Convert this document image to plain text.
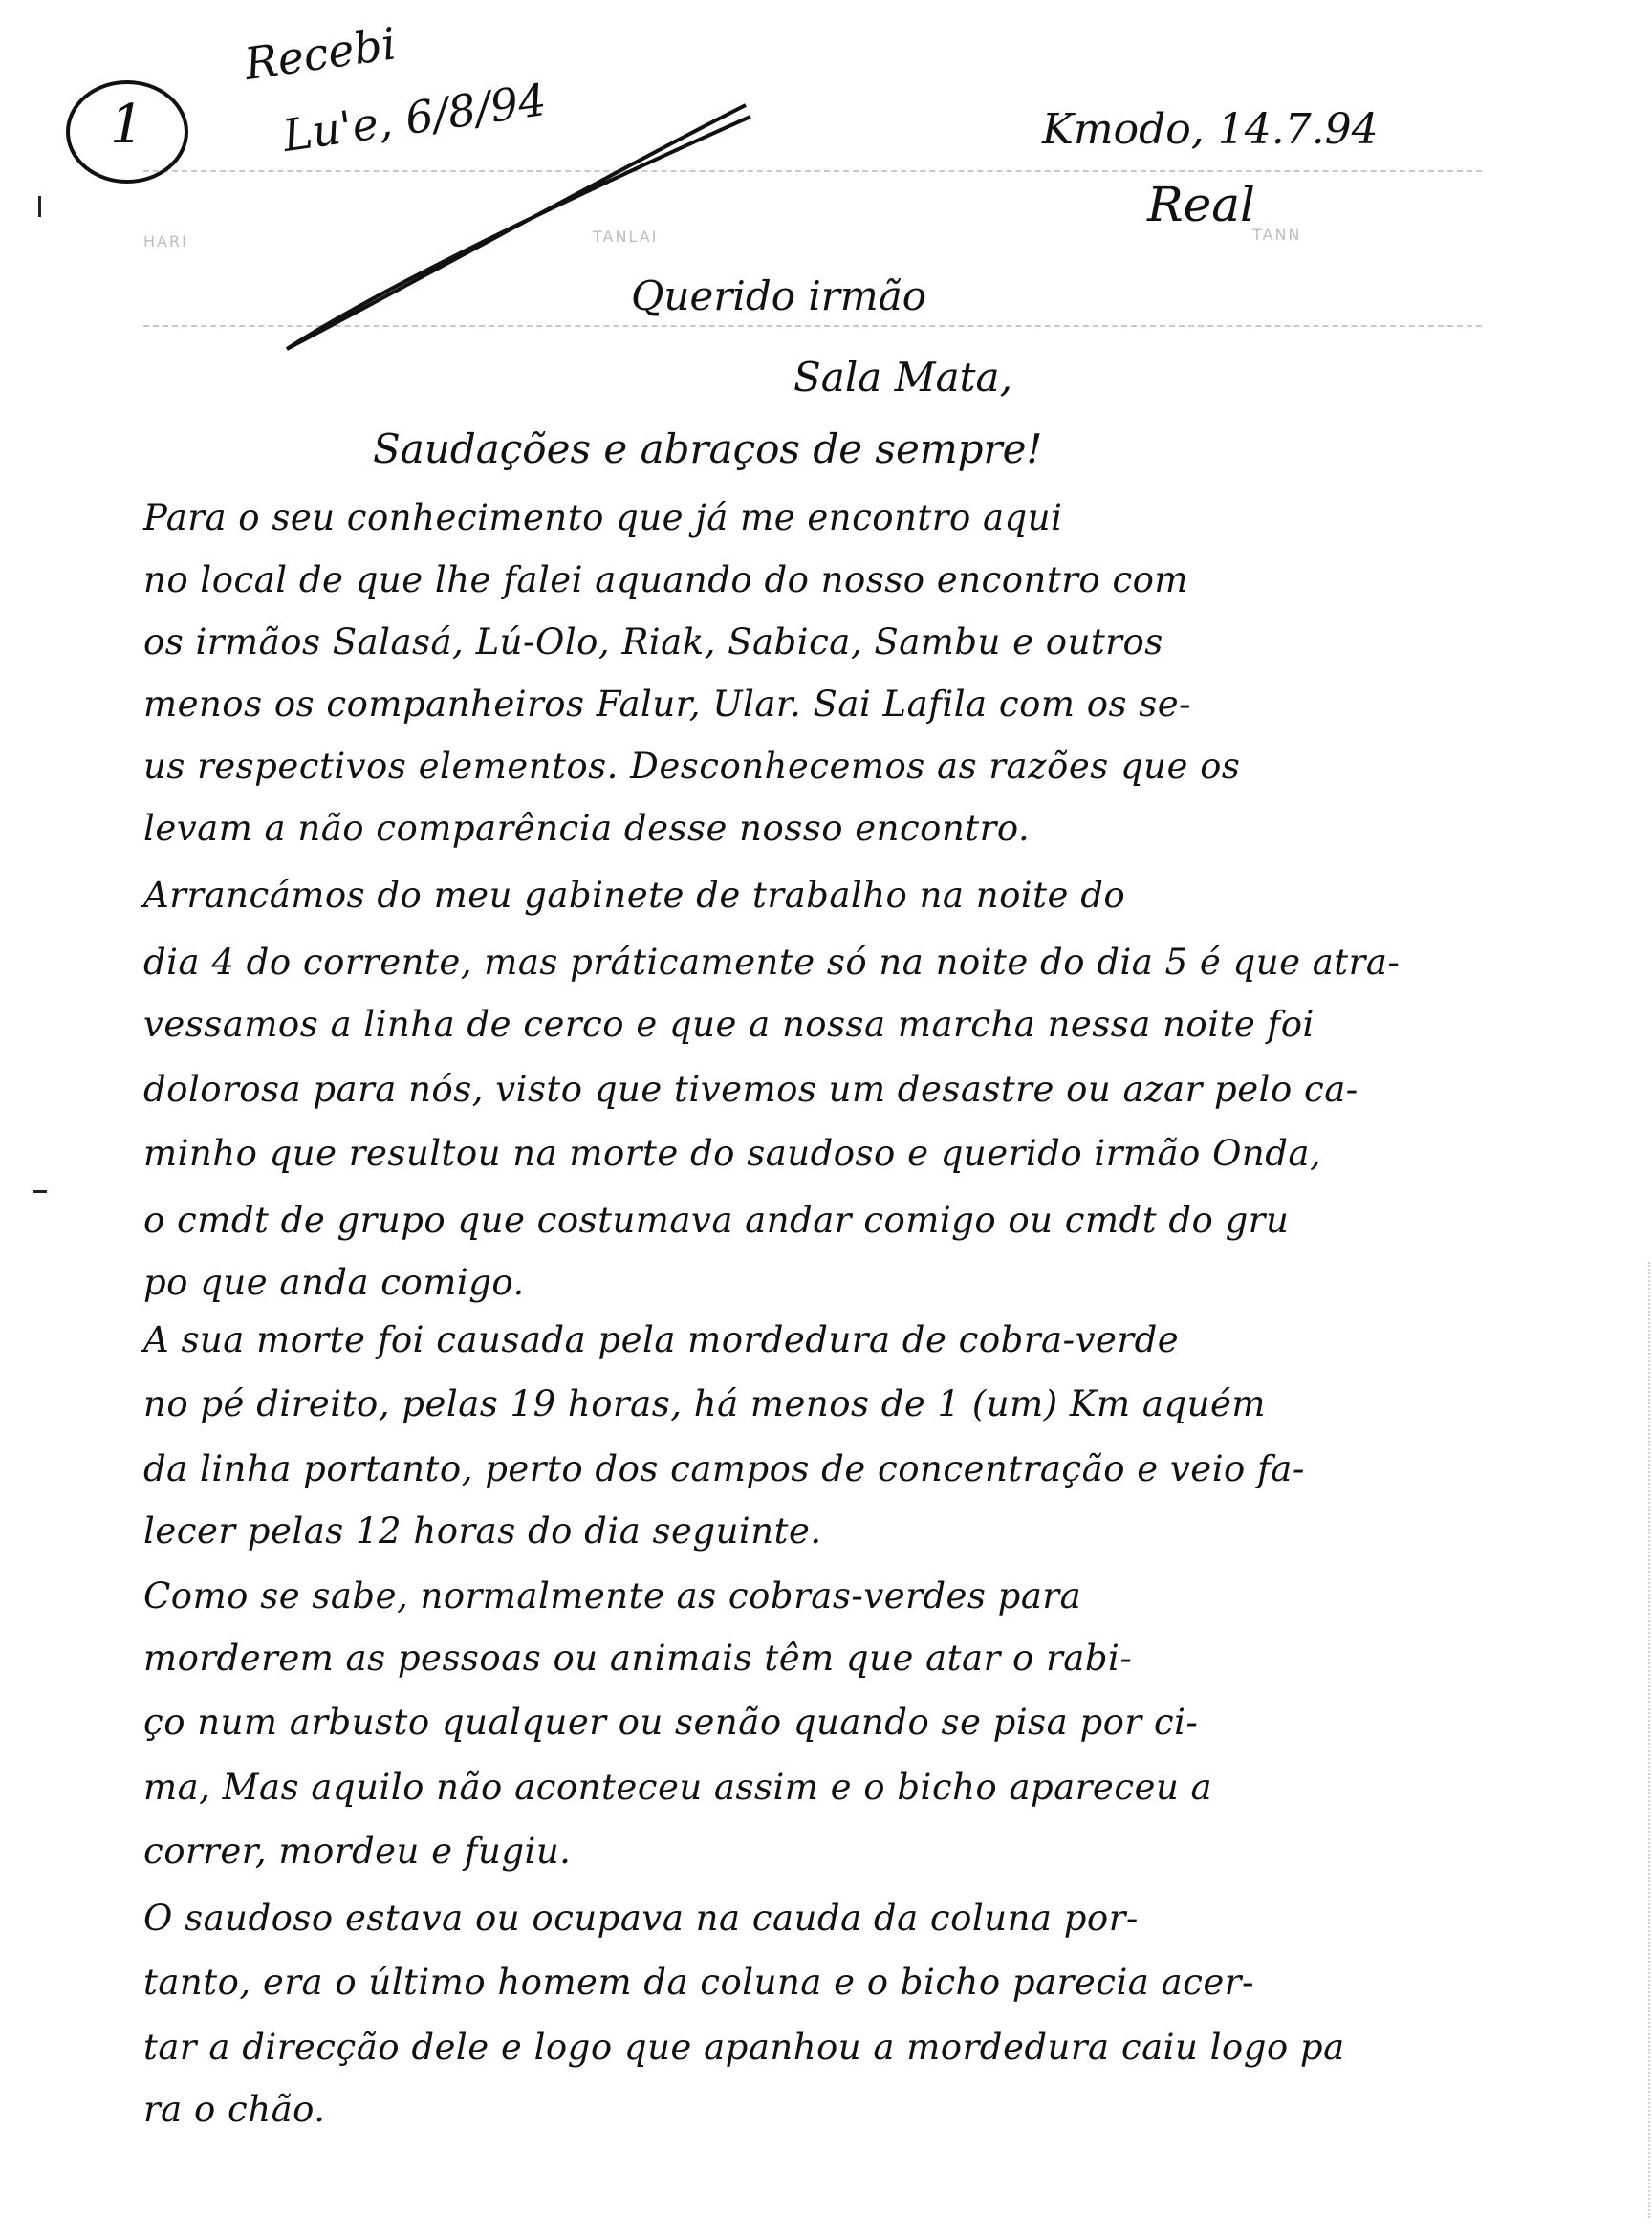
HARI	TANLAI	TANN
1
Recebi
Lu'e, 6/8/94	Kmodo, 14.7.94
Real
Querido irmão
Sala Mata,
Saudações e abraços de sempre!
Para o seu conhecimento que já me encontro aqui
no local de que lhe falei aquando do nosso encontro com
os irmãos Salasá, Lú-Olo, Riak, Sabica, Sambu e outros
menos os companheiros Falur, Ular. Sai Lafila com os se-
us respectivos elementos. Desconhecemos as razões que os
levam a não comparência desse nosso encontro.
Arrancámos do meu gabinete de trabalho na noite do
dia 4 do corrente, mas práticamente só na noite do dia 5 é que atra-
vessamos a linha de cerco e que a nossa marcha nessa noite foi
dolorosa para nós, visto que tivemos um desastre ou azar pelo ca-
minho que resultou na morte do saudoso e querido irmão Onda,
o cmdt de grupo que costumava andar comigo ou cmdt do gru
po que anda comigo.
A sua morte foi causada pela mordedura de cobra-verde
no pé direito, pelas 19 horas, há menos de 1 (um) Km aquém
da linha portanto, perto dos campos de concentração e veio fa-
lecer pelas 12 horas do dia seguinte.
Como se sabe, normalmente as cobras-verdes para
morderem as pessoas ou animais têm que atar o rabi-
ço num arbusto qualquer ou senão quando se pisa por ci-
ma, Mas aquilo não aconteceu assim e o bicho apareceu a
correr, mordeu e fugiu.
O saudoso estava ou ocupava na cauda da coluna por-
tanto, era o último homem da coluna e o bicho parecia acer-
tar a direcção dele e logo que apanhou a mordedura caiu logo pa
ra o chão.
